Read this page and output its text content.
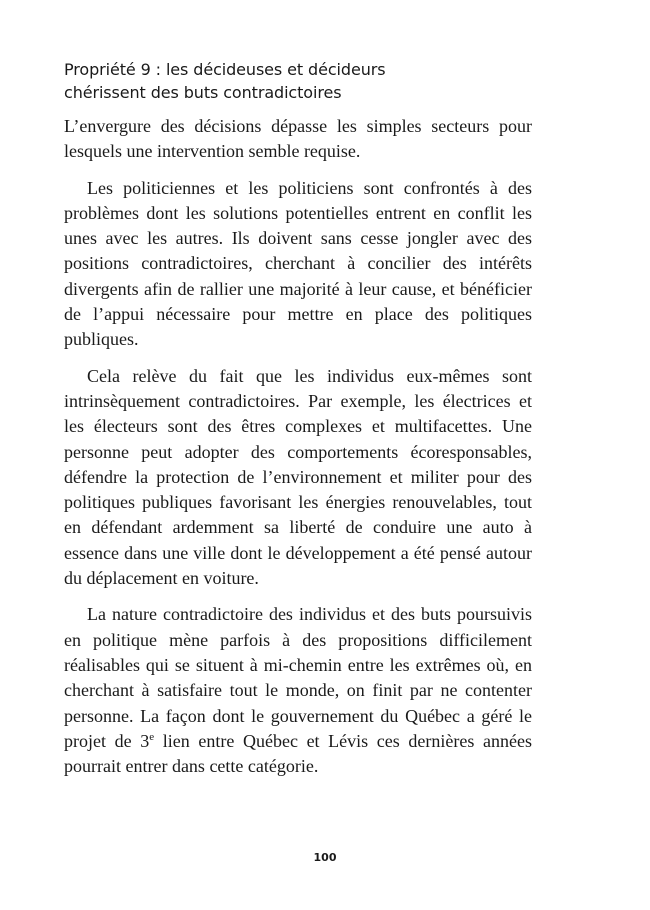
Propriété 9 : les décideuses et décideurs
chérissent des buts contradictoires

L’envergure des décisions dépasse les simples secteurs pour lesquels une intervention semble requise.

Les politiciennes et les politiciens sont confrontés à des problèmes dont les solutions potentielles entrent en conflit les unes avec les autres. Ils doivent sans cesse jongler avec des positions contradictoires, cherchant à concilier des intérêts divergents afin de rallier une majorité à leur cause, et bénéficier de l’appui nécessaire pour mettre en place des politiques publiques.

Cela relève du fait que les individus eux-mêmes sont intrinsèquement contradictoires. Par exemple, les électrices et les électeurs sont des êtres complexes et multifacettes. Une personne peut adopter des comportements écoresponsables, défendre la protection de l’environnement et militer pour des politiques publiques favorisant les énergies renouvelables, tout en défendant ardemment sa liberté de conduire une auto à essence dans une ville dont le développement a été pensé autour du déplacement en voiture.

La nature contradictoire des individus et des buts poursuivis en politique mène parfois à des propositions difficilement réalisables qui se situent à mi-chemin entre les extrêmes où, en cherchant à satisfaire tout le monde, on finit par ne contenter personne. La façon dont le gouvernement du Québec a géré le projet de 3e lien entre Québec et Lévis ces dernières années pourrait entrer dans cette catégorie.

100
